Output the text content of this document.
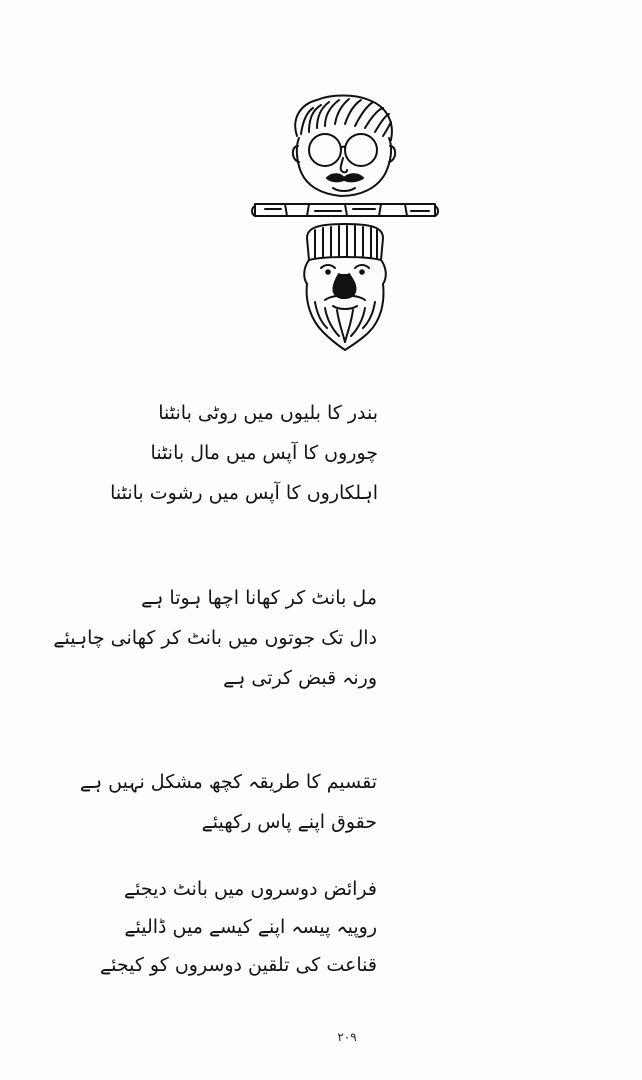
بندر کا بلیوں میں روٹی بانٹنا
چوروں کا آپس میں مال بانٹنا
اہلکاروں کا آپس میں رشوت بانٹنا
مل بانٹ کر کھانا اچھا ہوتا ہے
دال تک جوتوں میں بانٹ کر کھانی چاہیئے
ورنہ قبض کرتی ہے
تقسیم کا طریقہ کچھ مشکل نہیں ہے
حقوق اپنے پاس رکھیئے
فرائض دوسروں میں بانٹ دیجئے
روپیہ پیسہ اپنے کیسے میں ڈالیئے
قناعت کی تلقین دوسروں کو کیجئے
۲۰۹
